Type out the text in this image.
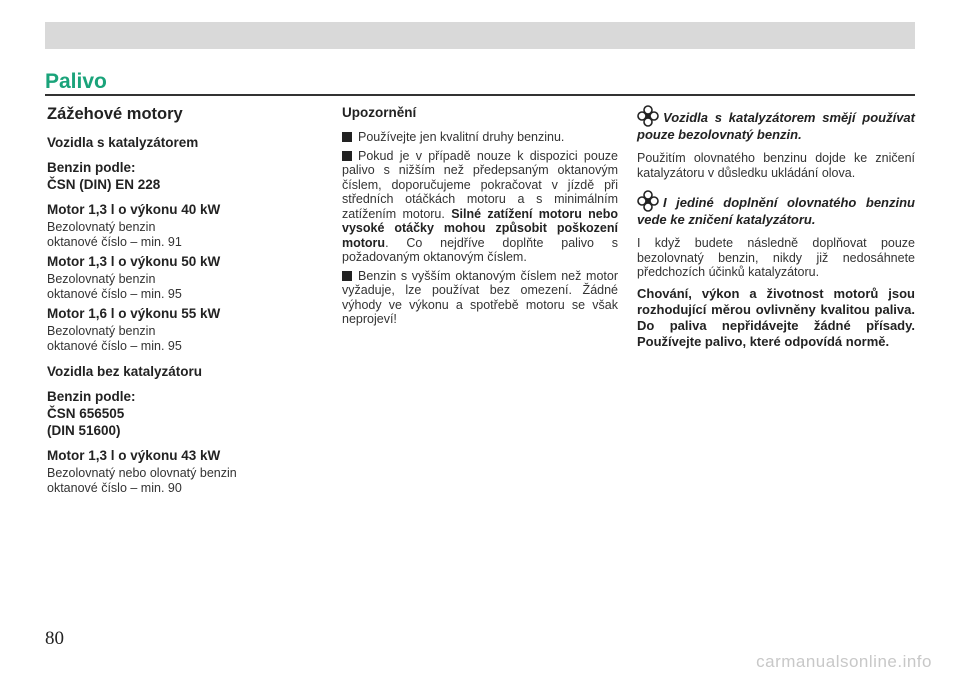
Palivo
Zážehové motory
Vozidla s katalyzátorem
Benzin podle:
ČSN (DIN) EN 228
Motor 1,3 l o výkonu 40 kW
Bezolovnatý benzin
oktanové číslo – min. 91
Motor 1,3 l o výkonu 50 kW
Bezolovnatý benzin
oktanové číslo – min. 95
Motor 1,6 l o výkonu 55 kW
Bezolovnatý benzin
oktanové číslo – min. 95
Vozidla bez katalyzátoru
Benzin podle:
ČSN 656505
(DIN 51600)
Motor 1,3 l o výkonu 43 kW
Bezolovnatý nebo olovnatý benzin
oktanové číslo – min. 90
Upozornění

Používejte jen kvalitní druhy benzinu.

Pokud je v případě nouze k dispozici pouze palivo s nižším než předepsaným oktanovým číslem, doporučujeme pokračovat v jízdě při středních otáčkách motoru a s minimálním zatížením motoru. Silné zatížení motoru nebo vysoké otáčky mohou způsobit poškození motoru. Co nejdříve doplňte palivo s požadovaným oktanovým číslem.

Benzin s vyšším oktanovým číslem než motor vyžaduje, lze používat bez omezení. Žádné výhody ve výkonu a spotřebě motoru se však neprojeví!

Vozidla s katalyzátorem smějí používat pouze bezolovnatý benzin.

Použitím olovnatého benzinu dojde ke zničení katalyzátoru v důsledku ukládání olova.

I jediné doplnění olovnatého benzinu vede ke zničení katalyzátoru.

I když budete následně doplňovat pouze bezolovnatý benzin, nikdy již nedosáhnete předchozích účinků katalyzátoru.

Chování, výkon a životnost motorů jsou rozhodující měrou ovlivněny kvalitou paliva. Do paliva nepřidávejte žádné přísady. Používejte palivo, které odpovídá normě.

80
carmanualsonline.info
